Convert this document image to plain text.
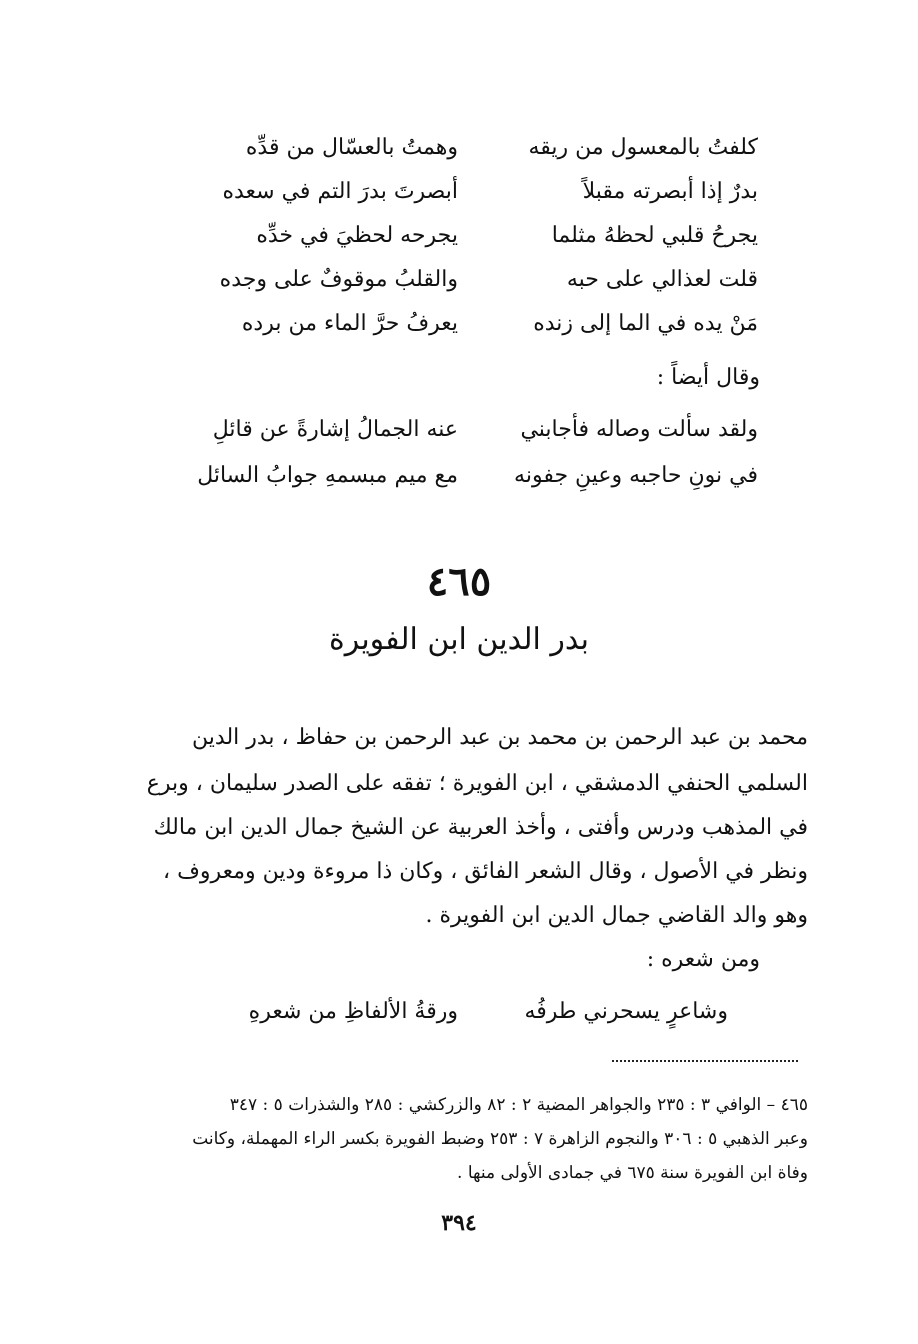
كلفتُ بالمعسول من ريقه
وهمتُ بالعسّال من قدِّه
بدرٌ إذا أبصرته مقبلاً
أبصرتَ بدرَ التم في سعده
يجرحُ قلبي لحظهُ مثلما
يجرحه لحظيَ في خدِّه
قلت لعذالي على حبه
والقلبُ موقوفٌ على وجده
مَنْ يده في الما إلى زنده
يعرفُ حرَّ الماء من برده
وقال أيضاً :
ولقد سألت وصاله فأجابني
عنه الجمالُ إشارةً عن قائلِ
في نونِ حاجبه وعينِ جفونه
مع ميم مبسمهِ جوابُ السائل
٤٦٥
بدر الدين ابن الفويرة
محمد بن عبد الرحمن بن محمد بن عبد الرحمن بن حفاظ ، بدر الدين
السلمي الحنفي الدمشقي ، ابن الفويرة ؛ تفقه على الصدر سليمان ، وبرع
في المذهب ودرس وأفتى ، وأخذ العربية عن الشيخ جمال الدين ابن مالك
ونظر في الأصول ، وقال الشعر الفائق ، وكان ذا مروءة ودين ومعروف ،
وهو والد القاضي جمال الدين ابن الفويرة .
ومن شعره :
وشاعرٍ يسحرني طرفُه
ورقةُ الألفاظِ من شعرهِ
٤٦٥ – الوافي ٣ : ٢٣٥ والجواهر المضية ٢ : ٨٢ والزركشي : ٢٨٥ والشذرات ٥ : ٣٤٧
وعبر الذهبي ٥ : ٣٠٦ والنجوم الزاهرة ٧ : ٢٥٣ وضبط الفويرة بكسر الراء المهملة، وكانت
وفاة ابن الفويرة سنة ٦٧٥ في جمادى الأولى منها .
٣٩٤
